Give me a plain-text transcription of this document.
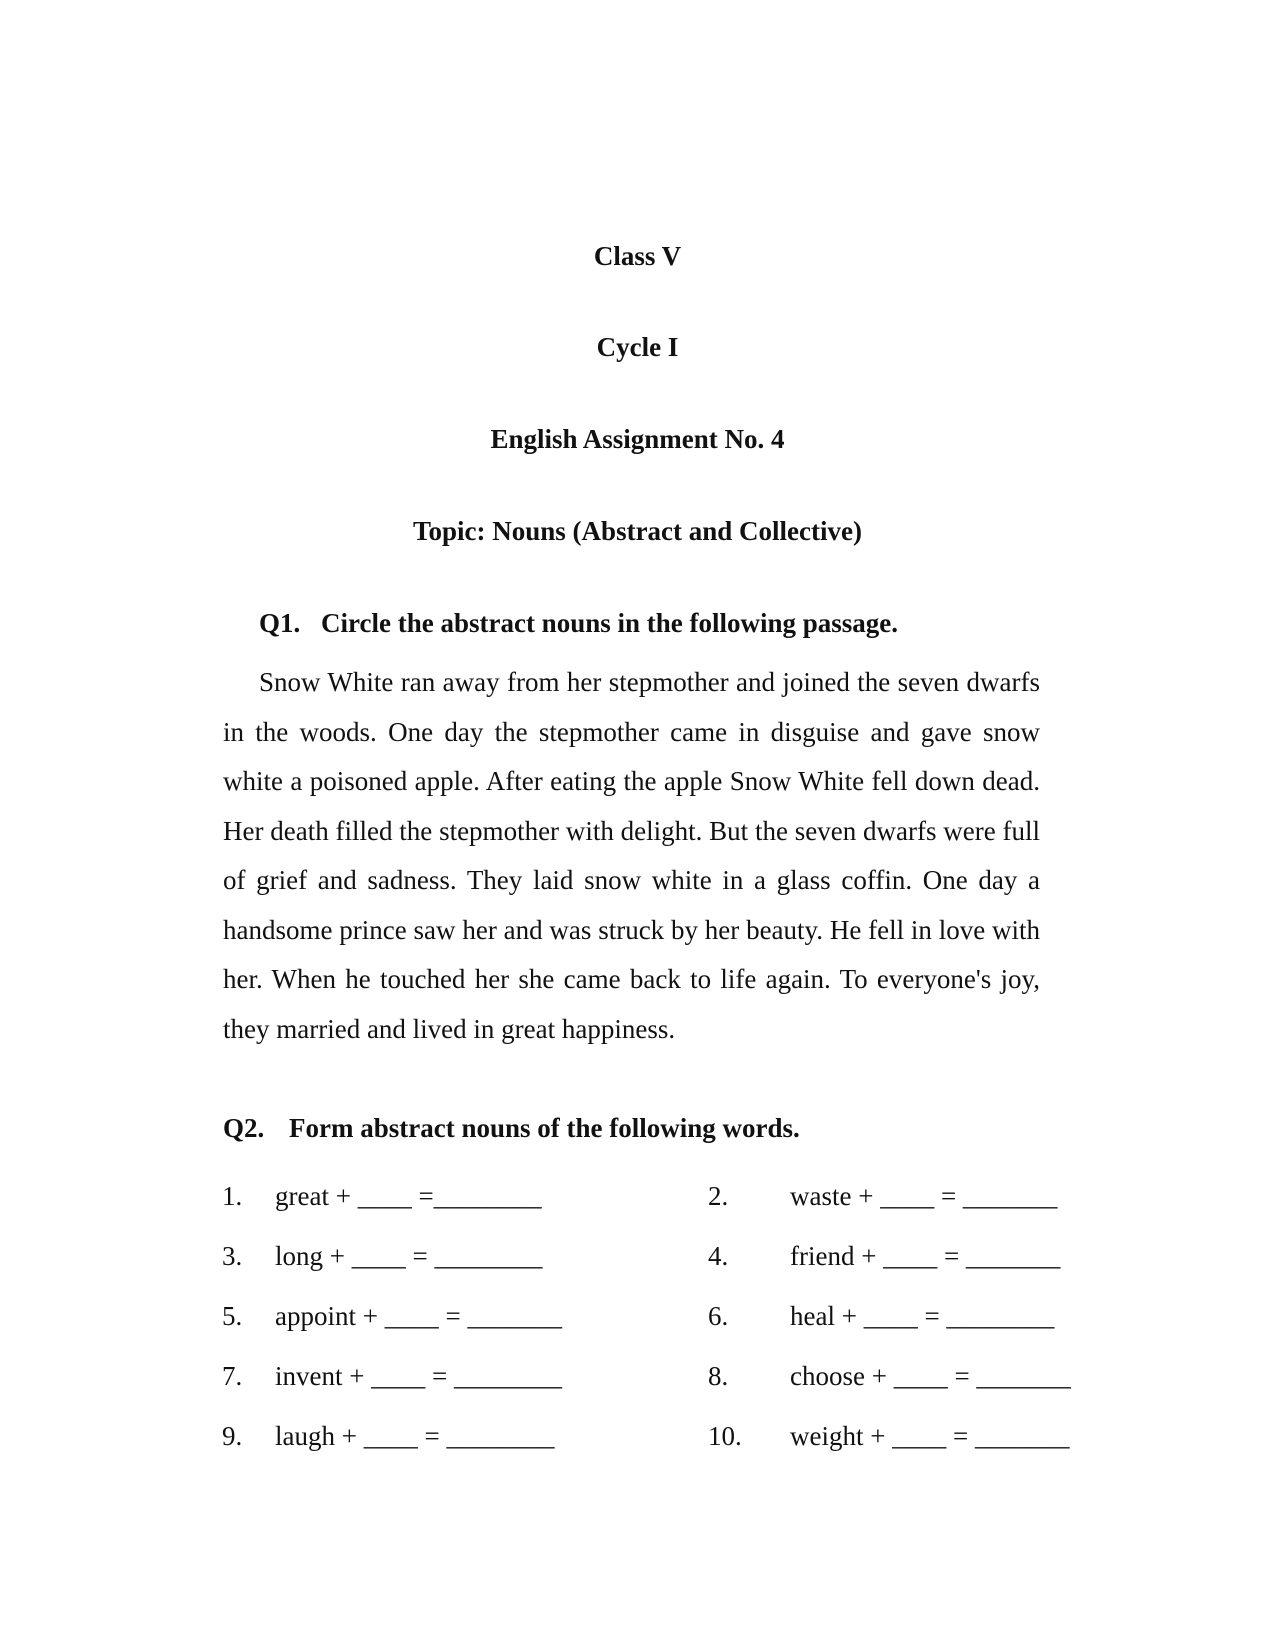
Class V
Cycle I
English Assignment No. 4
Topic: Nouns (Abstract and Collective)

Q1. Circle the abstract nouns in the following passage.

Snow White ran away from her stepmother and joined the seven dwarfs in the woods. One day the stepmother came in disguise and gave snow white a poisoned apple. After eating the apple Snow White fell down dead. Her death filled the stepmother with delight. But the seven dwarfs were full of grief and sadness. They laid snow white in a glass coffin. One day a handsome prince saw her and was struck by her beauty. He fell in love with her. When he touched her she came back to life again. To everyone's joy, they married and lived in great happiness.

Q2. Form abstract nouns of the following words.

1. great + ____ =________	2. waste + ____ = _______
3. long + ____ = ________	4. friend + ____ = _______
5. appoint + ____ = _______	6. heal + ____ = ________
7. invent + ____ = ________	8. choose + ____ = _______
9. laugh + ____ = ________	10. weight + ____ = _______
